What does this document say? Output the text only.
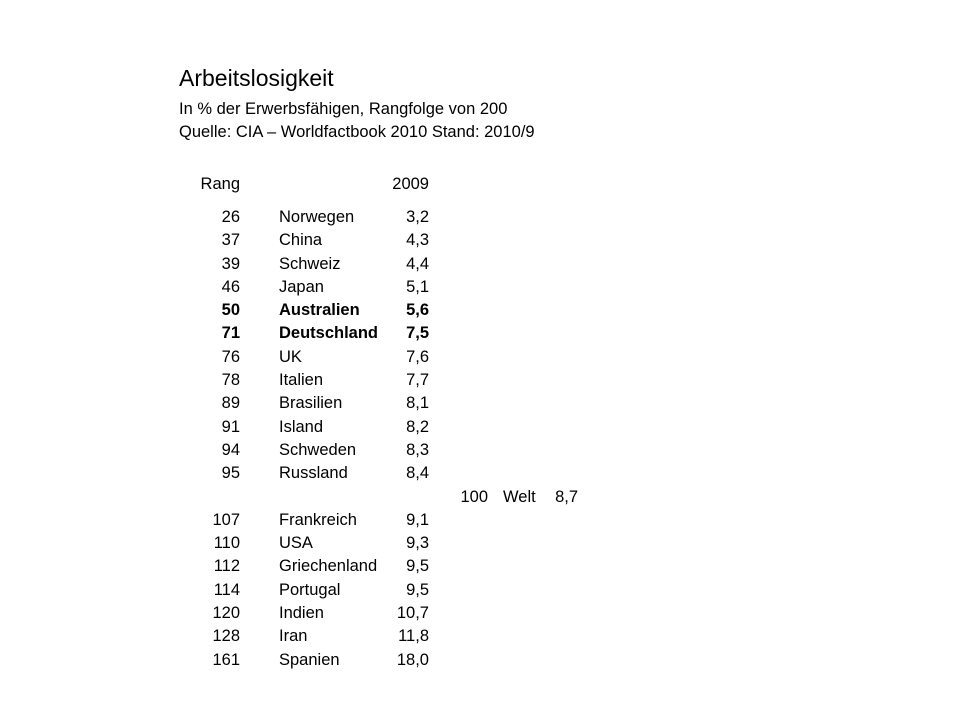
Arbeitslosigkeit
In % der Erwerbsfähigen, Rangfolge von 200
Quelle: CIA – Worldfactbook 2010 Stand: 2010/9
Rang	2009
26 Norwegen	3,2
37 China	4,3
39 Schweiz	4,4
46 Japan	5,1
50 Australien	5,6
71 Deutschland	7,5
76 UK	7,6
78 Italien	7,7
89 Brasilien	8,1
91 Island	8,2
94 Schweden	8,3
95 Russland	8,4
100 Welt	8,7
107 Frankreich	9,1
110 USA	9,3
112 Griechenland	9,5
114 Portugal	9,5
120 Indien	10,7
128 Iran	11,8
161 Spanien	18,0
